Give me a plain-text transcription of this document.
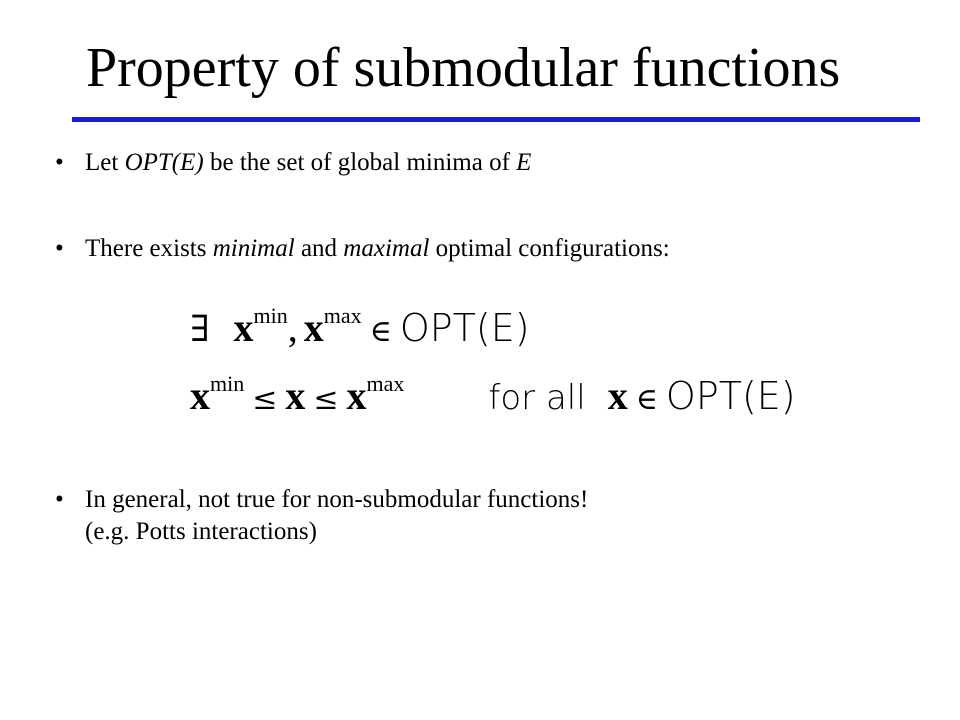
Property of submodular functions
• Let OPT(E) be the set of global minima of E
• There exists minimal and maximal optimal configurations:
∃ $x^{min}$, $x^{max}$ ∈ OPT(E)
$x^{min} \le x \le x^{max}$ for all x ∈ OPT(E)
• In general, not true for non-submodular functions!
(e.g. Potts interactions)
